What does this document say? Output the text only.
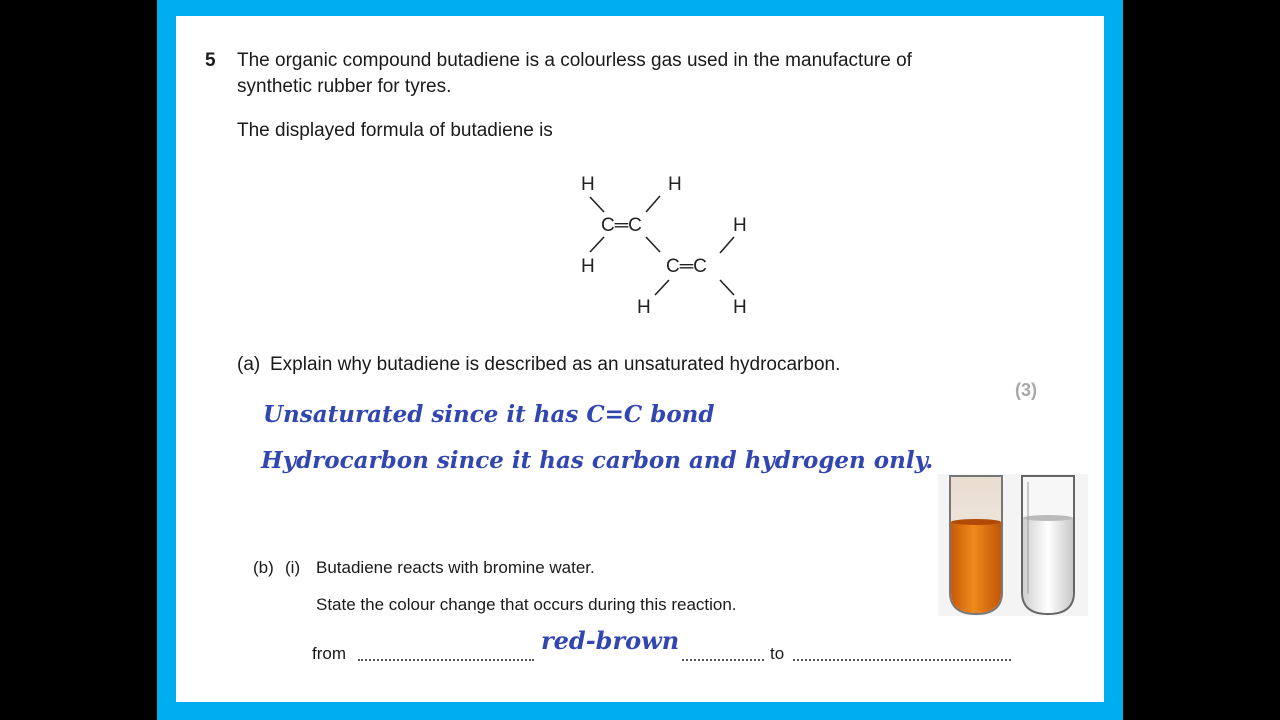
5 The organic compound butadiene is a colourless gas used in the manufacture of
synthetic rubber for tyres.
The displayed formula of butadiene is
H	H
C═C	H
H	C═C
H	H
(a) Explain why butadiene is described as an unsaturated hydrocarbon.
(3)
Unsaturated since it has C=C bond
Hydrocarbon since it has carbon and hydrogen only.
(b) (i) Butadiene reacts with bromine water.
State the colour change that occurs during this reaction.
from	red-brown	to
